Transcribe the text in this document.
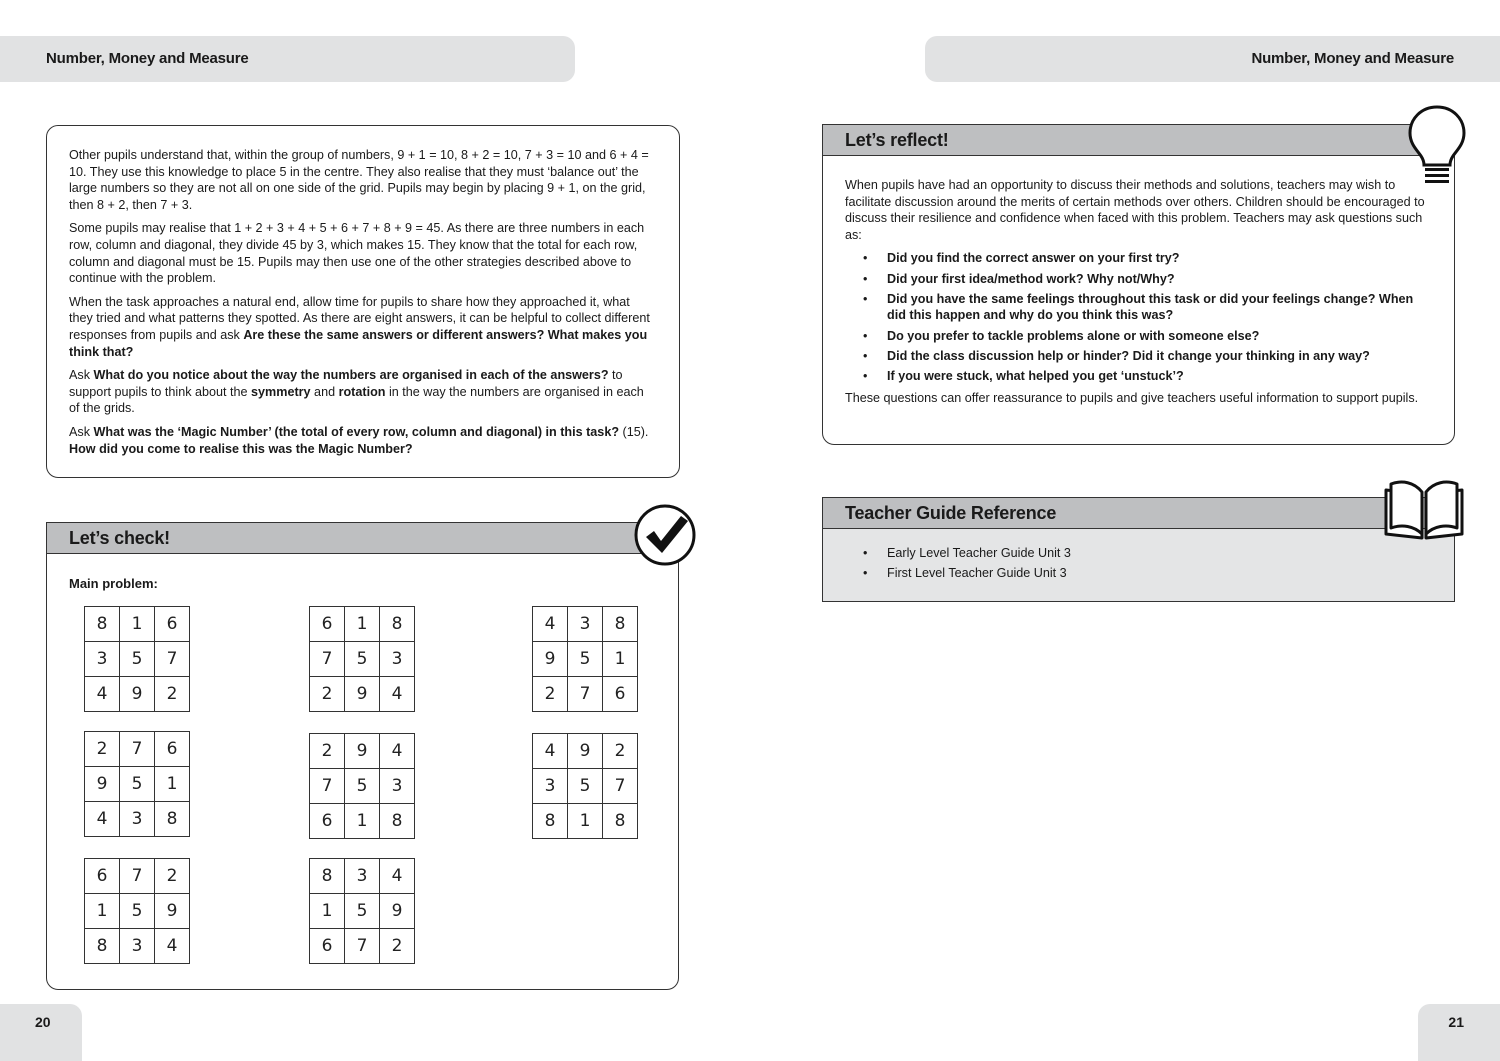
Number, Money and Measure	Number, Money and Measure

Other pupils understand that, within the group of numbers, 9 + 1 = 10, 8 + 2 = 10, 7 + 3 = 10 and 6 + 4 = 10. They use this knowledge to place 5 in the centre. They also realise that they must ‘balance out’ the large numbers so they are not all on one side of the grid. Pupils may begin by placing 9 + 1, on the grid, then 8 + 2, then 7 + 3.

Some pupils may realise that 1 + 2 + 3 + 4 + 5 + 6 + 7 + 8 + 9 = 45. As there are three numbers in each row, column and diagonal, they divide 45 by 3, which makes 15. They know that the total for each row, column and diagonal must be 15. Pupils may then use one of the other strategies described above to continue with the problem.

When the task approaches a natural end, allow time for pupils to share how they approached it, what they tried and what patterns they spotted. As there are eight answers, it can be helpful to collect different responses from pupils and ask Are these the same answers or different answers? What makes you think that?

Ask What do you notice about the way the numbers are organised in each of the answers? to support pupils to think about the symmetry and rotation in the way the numbers are organised in each of the grids.

Ask What was the ‘Magic Number’ (the total of every row, column and diagonal) in this task? (15). How did you come to realise this was the Magic Number?

Let’s check!
Main problem:
8	1	6
3	5	7
4	9	2
6	1	8
7	5	3
2	9	4
4	3	8
9	5	1
2	7	6
2	7	6
9	5	1
4	3	8
2	9	4
7	5	3
6	1	8
4	9	2
3	5	7
8	1	8
6	7	2
1	5	9
8	3	4
8	3	4
1	5	9
6	7	2
Let’s reflect!

When pupils have had an opportunity to discuss their methods and solutions, teachers may wish to facilitate discussion around the merits of certain methods over others. Children should be encouraged to discuss their resilience and confidence when faced with this problem. Teachers may ask questions such as:

• Did you find the correct answer on your first try?
• Did your first idea/method work? Why not/Why?
• Did you have the same feelings throughout this task or did your feelings change? When did this happen and why do you think this was?
• Do you prefer to tackle problems alone or with someone else?
• Did the class discussion help or hinder? Did it change your thinking in any way?
• If you were stuck, what helped you get ‘unstuck’?

These questions can offer reassurance to pupils and give teachers useful information to support pupils.

Teacher Guide Reference
• Early Level Teacher Guide Unit 3
• First Level Teacher Guide Unit 3
20	21
